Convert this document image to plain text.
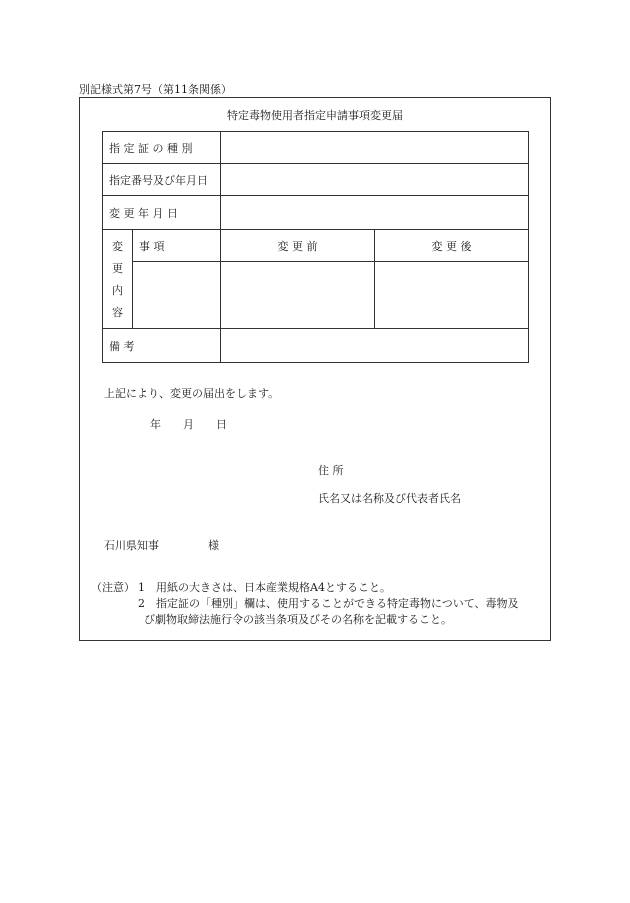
別記様式第7号（第11条関係）
特定毒物使用者指定申請事項変更届
指 定 証 の 種 別			
指定番号及び年月日			
変 更 年 月 日			

変
更
内
容	事 項	変 更 前	変 更 後

備 考			
上記により、変更の届出をします。
年　　月　　日
住 所
氏名又は名称及び代表者氏名
石川県知事	様
（注意） 1 用紙の大きさは、日本産業規格A4とすること。
2 指定証の「種別」欄は、使用することができる特定毒物について、毒物及
び劇物取締法施行令の該当条項及びその名称を記載すること。
